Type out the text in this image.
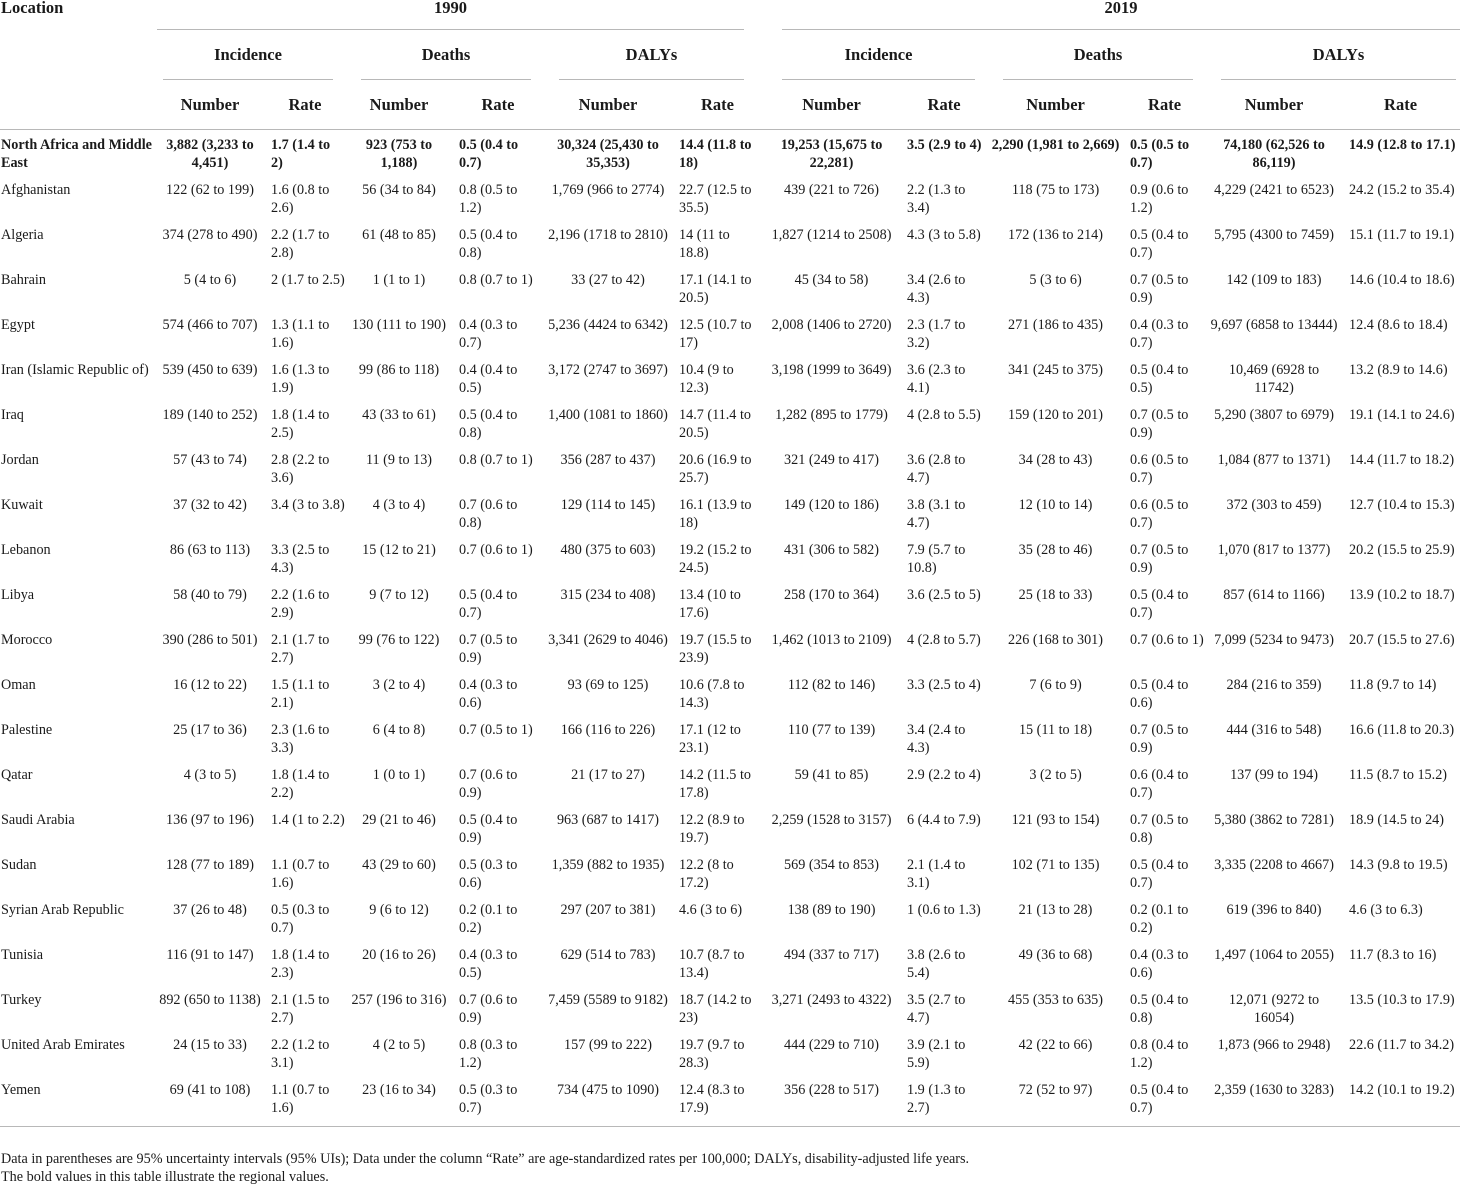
Location	1990						2019					

	Incidence		Deaths		DALYs		Incidence		Deaths		DALYs	

	Number	Rate	Number	Rate	Number	Rate	Number	Rate	Number	Rate	Number	Rate
North Africa and Middle East	3,882 (3,233 to 4,451)	1.7 (1.4 to 2)	923 (753 to 1,188)	0.5 (0.4 to 0.7)	30,324 (25,430 to 35,353)	14.4 (11.8 to 18)	19,253 (15,675 to 22,281)	3.5 (2.9 to 4)	2,290 (1,981 to 2,669)	0.5 (0.5 to 0.7)	74,180 (62,526 to 86,119)	14.9 (12.8 to 17.1)
Afghanistan	122 (62 to 199)	1.6 (0.8 to 2.6)	56 (34 to 84)	0.8 (0.5 to 1.2)	1,769 (966 to 2774)	22.7 (12.5 to 35.5)	439 (221 to 726)	2.2 (1.3 to 3.4)	118 (75 to 173)	0.9 (0.6 to 1.2)	4,229 (2421 to 6523)	24.2 (15.2 to 35.4)
Algeria	374 (278 to 490)	2.2 (1.7 to 2.8)	61 (48 to 85)	0.5 (0.4 to 0.8)	2,196 (1718 to 2810)	14 (11 to 18.8)	1,827 (1214 to 2508)	4.3 (3 to 5.8)	172 (136 to 214)	0.5 (0.4 to 0.7)	5,795 (4300 to 7459)	15.1 (11.7 to 19.1)
Bahrain	5 (4 to 6)	2 (1.7 to 2.5)	1 (1 to 1)	0.8 (0.7 to 1)	33 (27 to 42)	17.1 (14.1 to 20.5)	45 (34 to 58)	3.4 (2.6 to 4.3)	5 (3 to 6)	0.7 (0.5 to 0.9)	142 (109 to 183)	14.6 (10.4 to 18.6)
Egypt	574 (466 to 707)	1.3 (1.1 to 1.6)	130 (111 to 190)	0.4 (0.3 to 0.7)	5,236 (4424 to 6342)	12.5 (10.7 to 17)	2,008 (1406 to 2720)	2.3 (1.7 to 3.2)	271 (186 to 435)	0.4 (0.3 to 0.7)	9,697 (6858 to 13444)	12.4 (8.6 to 18.4)
Iran (Islamic Republic of)	539 (450 to 639)	1.6 (1.3 to 1.9)	99 (86 to 118)	0.4 (0.4 to 0.5)	3,172 (2747 to 3697)	10.4 (9 to 12.3)	3,198 (1999 to 3649)	3.6 (2.3 to 4.1)	341 (245 to 375)	0.5 (0.4 to 0.5)	10,469 (6928 to 11742)	13.2 (8.9 to 14.6)
Iraq	189 (140 to 252)	1.8 (1.4 to 2.5)	43 (33 to 61)	0.5 (0.4 to 0.8)	1,400 (1081 to 1860)	14.7 (11.4 to 20.5)	1,282 (895 to 1779)	4 (2.8 to 5.5)	159 (120 to 201)	0.7 (0.5 to 0.9)	5,290 (3807 to 6979)	19.1 (14.1 to 24.6)
Jordan	57 (43 to 74)	2.8 (2.2 to 3.6)	11 (9 to 13)	0.8 (0.7 to 1)	356 (287 to 437)	20.6 (16.9 to 25.7)	321 (249 to 417)	3.6 (2.8 to 4.7)	34 (28 to 43)	0.6 (0.5 to 0.7)	1,084 (877 to 1371)	14.4 (11.7 to 18.2)
Kuwait	37 (32 to 42)	3.4 (3 to 3.8)	4 (3 to 4)	0.7 (0.6 to 0.8)	129 (114 to 145)	16.1 (13.9 to 18)	149 (120 to 186)	3.8 (3.1 to 4.7)	12 (10 to 14)	0.6 (0.5 to 0.7)	372 (303 to 459)	12.7 (10.4 to 15.3)
Lebanon	86 (63 to 113)	3.3 (2.5 to 4.3)	15 (12 to 21)	0.7 (0.6 to 1)	480 (375 to 603)	19.2 (15.2 to 24.5)	431 (306 to 582)	7.9 (5.7 to 10.8)	35 (28 to 46)	0.7 (0.5 to 0.9)	1,070 (817 to 1377)	20.2 (15.5 to 25.9)
Libya	58 (40 to 79)	2.2 (1.6 to 2.9)	9 (7 to 12)	0.5 (0.4 to 0.7)	315 (234 to 408)	13.4 (10 to 17.6)	258 (170 to 364)	3.6 (2.5 to 5)	25 (18 to 33)	0.5 (0.4 to 0.7)	857 (614 to 1166)	13.9 (10.2 to 18.7)
Morocco	390 (286 to 501)	2.1 (1.7 to 2.7)	99 (76 to 122)	0.7 (0.5 to 0.9)	3,341 (2629 to 4046)	19.7 (15.5 to 23.9)	1,462 (1013 to 2109)	4 (2.8 to 5.7)	226 (168 to 301)	0.7 (0.6 to 1)	7,099 (5234 to 9473)	20.7 (15.5 to 27.6)
Oman	16 (12 to 22)	1.5 (1.1 to 2.1)	3 (2 to 4)	0.4 (0.3 to 0.6)	93 (69 to 125)	10.6 (7.8 to 14.3)	112 (82 to 146)	3.3 (2.5 to 4)	7 (6 to 9)	0.5 (0.4 to 0.6)	284 (216 to 359)	11.8 (9.7 to 14)
Palestine	25 (17 to 36)	2.3 (1.6 to 3.3)	6 (4 to 8)	0.7 (0.5 to 1)	166 (116 to 226)	17.1 (12 to 23.1)	110 (77 to 139)	3.4 (2.4 to 4.3)	15 (11 to 18)	0.7 (0.5 to 0.9)	444 (316 to 548)	16.6 (11.8 to 20.3)
Qatar	4 (3 to 5)	1.8 (1.4 to 2.2)	1 (0 to 1)	0.7 (0.6 to 0.9)	21 (17 to 27)	14.2 (11.5 to 17.8)	59 (41 to 85)	2.9 (2.2 to 4)	3 (2 to 5)	0.6 (0.4 to 0.7)	137 (99 to 194)	11.5 (8.7 to 15.2)
Saudi Arabia	136 (97 to 196)	1.4 (1 to 2.2)	29 (21 to 46)	0.5 (0.4 to 0.9)	963 (687 to 1417)	12.2 (8.9 to 19.7)	2,259 (1528 to 3157)	6 (4.4 to 7.9)	121 (93 to 154)	0.7 (0.5 to 0.8)	5,380 (3862 to 7281)	18.9 (14.5 to 24)
Sudan	128 (77 to 189)	1.1 (0.7 to 1.6)	43 (29 to 60)	0.5 (0.3 to 0.6)	1,359 (882 to 1935)	12.2 (8 to 17.2)	569 (354 to 853)	2.1 (1.4 to 3.1)	102 (71 to 135)	0.5 (0.4 to 0.7)	3,335 (2208 to 4667)	14.3 (9.8 to 19.5)
Syrian Arab Republic	37 (26 to 48)	0.5 (0.3 to 0.7)	9 (6 to 12)	0.2 (0.1 to 0.2)	297 (207 to 381)	4.6 (3 to 6)	138 (89 to 190)	1 (0.6 to 1.3)	21 (13 to 28)	0.2 (0.1 to 0.2)	619 (396 to 840)	4.6 (3 to 6.3)
Tunisia	116 (91 to 147)	1.8 (1.4 to 2.3)	20 (16 to 26)	0.4 (0.3 to 0.5)	629 (514 to 783)	10.7 (8.7 to 13.4)	494 (337 to 717)	3.8 (2.6 to 5.4)	49 (36 to 68)	0.4 (0.3 to 0.6)	1,497 (1064 to 2055)	11.7 (8.3 to 16)
Turkey	892 (650 to 1138)	2.1 (1.5 to 2.7)	257 (196 to 316)	0.7 (0.6 to 0.9)	7,459 (5589 to 9182)	18.7 (14.2 to 23)	3,271 (2493 to 4322)	3.5 (2.7 to 4.7)	455 (353 to 635)	0.5 (0.4 to 0.8)	12,071 (9272 to 16054)	13.5 (10.3 to 17.9)
United Arab Emirates	24 (15 to 33)	2.2 (1.2 to 3.1)	4 (2 to 5)	0.8 (0.3 to 1.2)	157 (99 to 222)	19.7 (9.7 to 28.3)	444 (229 to 710)	3.9 (2.1 to 5.9)	42 (22 to 66)	0.8 (0.4 to 1.2)	1,873 (966 to 2948)	22.6 (11.7 to 34.2)
Yemen	69 (41 to 108)	1.1 (0.7 to 1.6)	23 (16 to 34)	0.5 (0.3 to 0.7)	734 (475 to 1090)	12.4 (8.3 to 17.9)	356 (228 to 517)	1.9 (1.3 to 2.7)	72 (52 to 97)	0.5 (0.4 to 0.7)	2,359 (1630 to 3283)	14.2 (10.1 to 19.2)

Data in parentheses are 95% uncertainty intervals (95% UIs); Data under the column “Rate” are age-standardized rates per 100,000; DALYs, disability-adjusted life years.

The bold values in this table illustrate the regional values.
